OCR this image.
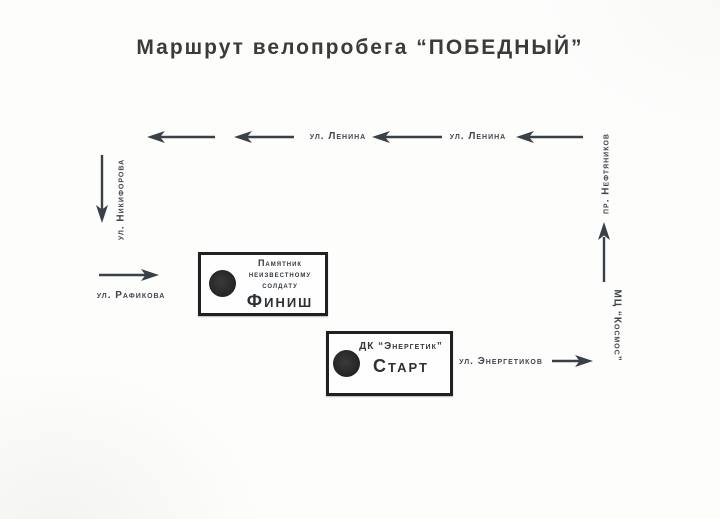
Маршрут велопробега “ПОБЕДНЫЙ”
ул. Ленина	ул. Ленина
ул. Никифорова
ул. Рафикова
пр. Нефтяников
МЦ “Космос”
ул. Энергетиков
Памятник
неизвестному
солдату
Финиш
ДК “Энергетик”
Старт
